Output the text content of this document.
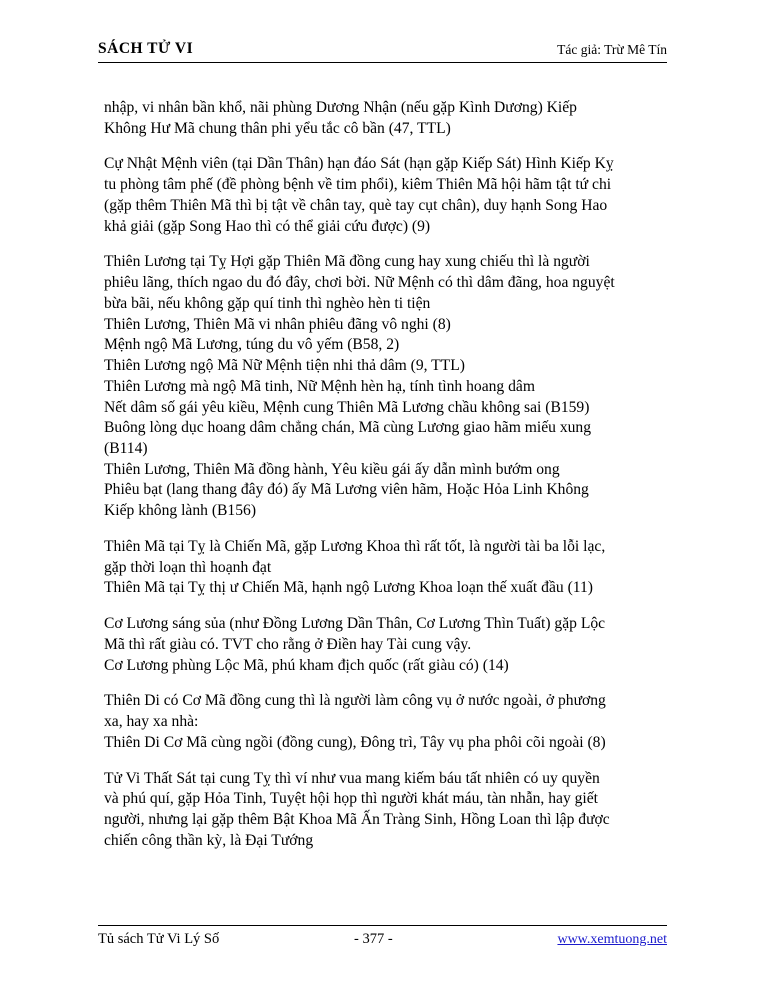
SÁCH TỬ VI	Tác giả: Trừ Mê Tín
nhập, vi nhân bần khổ, nãi phùng Dương Nhận (nếu gặp Kình Dương) Kiếp
Không Hư Mã chung thân phi yểu tắc cô bần (47, TTL)
Cự Nhật Mệnh viên (tại Dần Thân) hạn đáo Sát (hạn gặp Kiếp Sát) Hình Kiếp Kỵ
tu phòng tâm phế (đề phòng bệnh về tim phổi), kiêm Thiên Mã hội hãm tật tứ chi
(gặp thêm Thiên Mã thì bị tật về chân tay, què tay cụt chân), duy hạnh Song Hao
khả giải (gặp Song Hao thì có thể giải cứu được) (9)
Thiên Lương tại Tỵ Hợi gặp Thiên Mã đồng cung hay xung chiếu thì là người
phiêu lãng, thích ngao du đó đây, chơi bời. Nữ Mệnh có thì dâm đãng, hoa nguyệt
bừa bãi, nếu không gặp quí tinh thì nghèo hèn ti tiện
Thiên Lương, Thiên Mã vi nhân phiêu đãng vô nghi (8)
Mệnh ngộ Mã Lương, túng du vô yếm (B58, 2)
Thiên Lương ngộ Mã Nữ Mệnh tiện nhi thả dâm (9, TTL)
Thiên Lương mà ngộ Mã tinh, Nữ Mệnh hèn hạ, tính tình hoang dâm
Nết dâm số gái yêu kiều, Mệnh cung Thiên Mã Lương chầu không sai (B159)
Buông lòng dục hoang dâm chẳng chán, Mã cùng Lương giao hãm miếu xung
(B114)
Thiên Lương, Thiên Mã đồng hành, Yêu kiều gái ấy dẫn mình bướm ong
Phiêu bạt (lang thang đây đó) ấy Mã Lương viên hãm, Hoặc Hỏa Linh Không
Kiếp không lành (B156)
Thiên Mã tại Tỵ là Chiến Mã, gặp Lương Khoa thì rất tốt, là người tài ba lỗi lạc,
gặp thời loạn thì hoạnh đạt
Thiên Mã tại Tỵ thị ư Chiến Mã, hạnh ngộ Lương Khoa loạn thế xuất đầu (11)
Cơ Lương sáng sủa (như Đồng Lương Dần Thân, Cơ Lương Thìn Tuất) gặp Lộc
Mã thì rất giàu có. TVT cho rằng ở Điền hay Tài cung vậy.
Cơ Lương phùng Lộc Mã, phú kham địch quốc (rất giàu có) (14)
Thiên Di có Cơ Mã đồng cung thì là người làm công vụ ở nước ngoài, ở phương
xa, hay xa nhà:
Thiên Di Cơ Mã cùng ngồi (đồng cung), Đông trì, Tây vụ pha phôi cõi ngoài (8)
Tử Vi Thất Sát tại cung Tỵ thì ví như vua mang kiếm báu tất nhiên có uy quyền
và phú quí, gặp Hỏa Tinh, Tuyệt hội họp thì người khát máu, tàn nhẫn, hay giết
người, nhưng lại gặp thêm Bật Khoa Mã Ấn Tràng Sinh, Hồng Loan thì lập được
chiến công thần kỳ, là Đại Tướng
Tủ sách Tử Vi Lý Số	- 377 -	www.xemtuong.net
